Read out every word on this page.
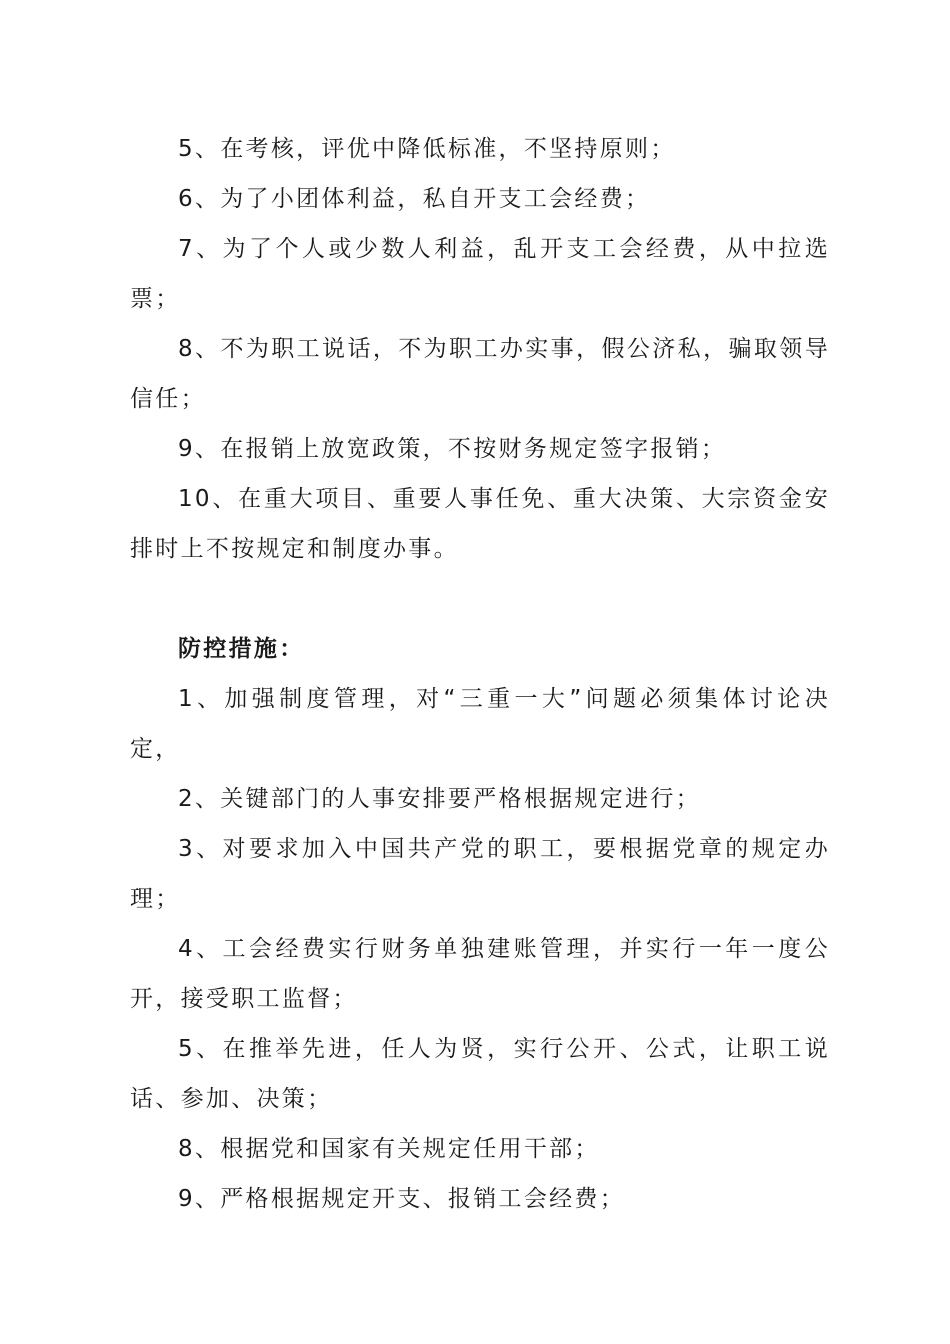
5、在考核，评优中降低标准，不坚持原则；

6、为了小团体利益，私自开支工会经费；

7、为了个人或少数人利益，乱开支工会经费，从中拉选票；

8、不为职工说话，不为职工办实事，假公济私，骗取领导信任；

9、在报销上放宽政策，不按财务规定签字报销；

10、在重大项目、重要人事任免、重大决策、大宗资金安排时上不按规定和制度办事。

防控措施：

1、加强制度管理，对“三重一大”问题必须集体讨论决定，

2、关键部门的人事安排要严格根据规定进行；

3、对要求加入中国共产党的职工，要根据党章的规定办理；

4、工会经费实行财务单独建账管理，并实行一年一度公开，接受职工监督；

5、在推举先进，任人为贤，实行公开、公式，让职工说话、参加、决策；

8、根据党和国家有关规定任用干部；

9、严格根据规定开支、报销工会经费；
